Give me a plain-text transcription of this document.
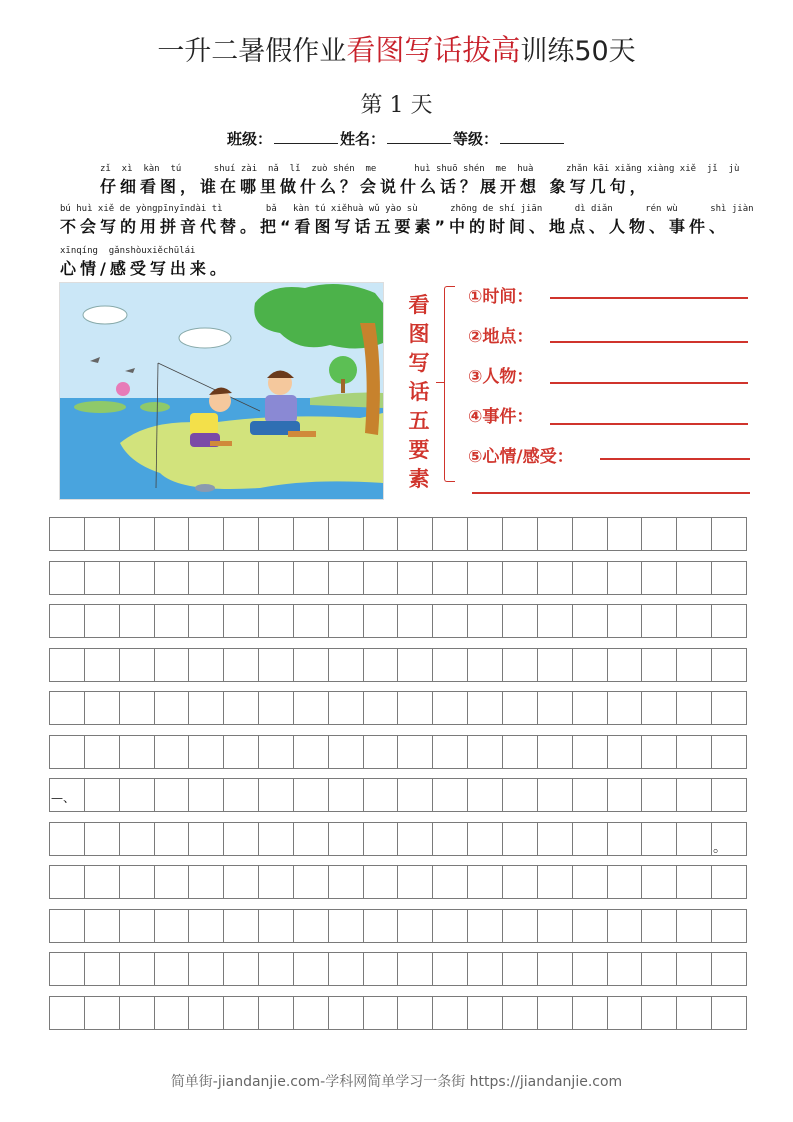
一升二暑假作业看图写话拔高训练50天
第 1 天
班级：	姓名：	等级：
zǐ  xì  kàn  tú      shuí zài  nǎ  lǐ  zuò shén  me       huì shuō shén  me  huà      zhǎn kāi xiǎng xiàng xiě  jǐ  jù
仔细看图，谁在哪里做什么？会说什么话？展开想 象写几句，
bú huì xiě de yòngpīnyīndài tì        bǎ   kàn tú xiěhuà wǔ yào sù      zhōng de shí jiān      dì diǎn      rén wù      shì jiàn
不会写的用拼音代替。把“看图写话五要素”中的时间、地点、人物、事件、
xīnqíng  gǎnshòuxiěchūlái
心情/感受写出来。
看
图
写
话
五
要
素
①时间：
②地点：
③人物：
④事件：
⑤心情/感受：
—、
。
简单街-jiandanjie.com-学科网简单学习一条街 https://jiandanjie.com
